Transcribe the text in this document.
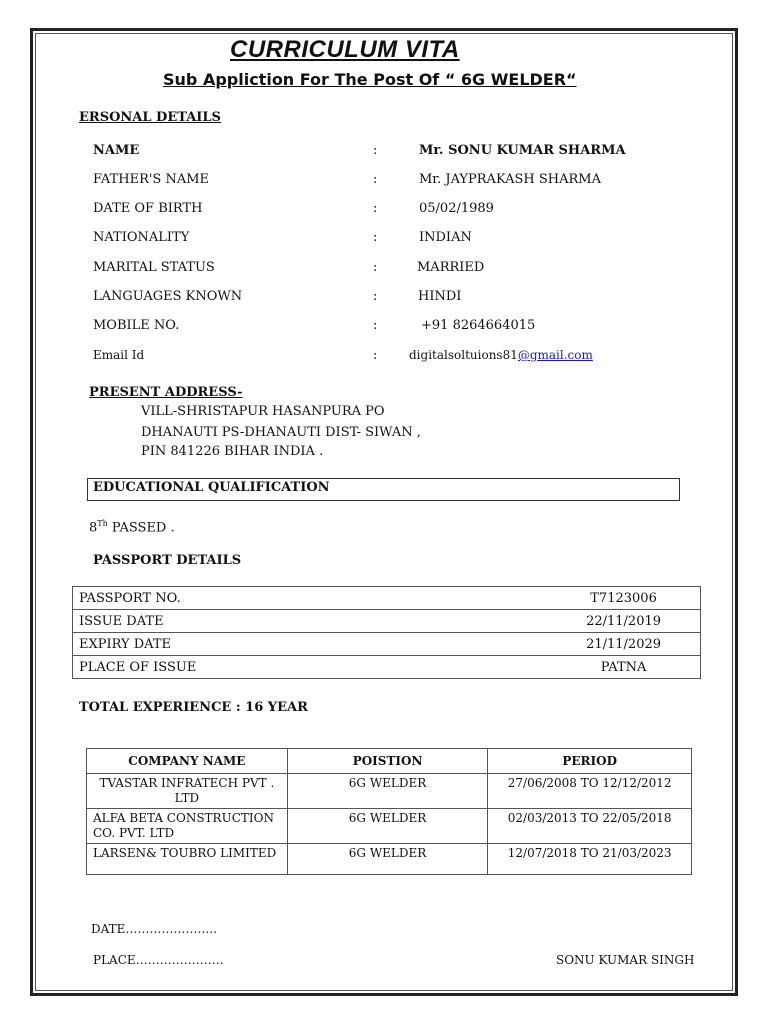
CURRICULUM VITA
Sub Appliction For The Post Of “ 6G WELDER“
ERSONAL DETAILS
NAME	:	Mr. SONU KUMAR SHARMA
FATHER'S NAME	:	Mr. JAYPRAKASH SHARMA
DATE OF BIRTH	:	05/02/1989
NATIONALITY	:	INDIAN
MARITAL STATUS	:	MARRIED
LANGUAGES KNOWN	:	HINDI
MOBILE NO.	:	+91 8264664015
Email Id	:	digitalsoltuions81@gmail.com
PRESENT ADDRESS-
VILL-SHRISTAPUR HASANPURA PO
DHANAUTI PS-DHANAUTI DIST- SIWAN ,
PIN 841226 BIHAR INDIA .
EDUCATIONAL QUALIFICATION
8Th PASSED .
PASSPORT DETAILS
PASSPORT NO.	T7123006
ISSUE DATE	22/11/2019
EXPIRY DATE	21/11/2029
PLACE OF ISSUE	PATNA
TOTAL EXPERIENCE : 16 YEAR
COMPANY NAME	POISTION	PERIOD
TVASTAR INFRATECH PVT . LTD	6G WELDER	27/06/2008 TO 12/12/2012
ALFA BETA CONSTRUCTION CO. PVT. LTD	6G WELDER	02/03/2013 TO 22/05/2018
LARSEN& TOUBRO LIMITED	6G WELDER	12/07/2018 TO 21/03/2023
DATE…………………..
PLACE………………….	SONU KUMAR SINGH
